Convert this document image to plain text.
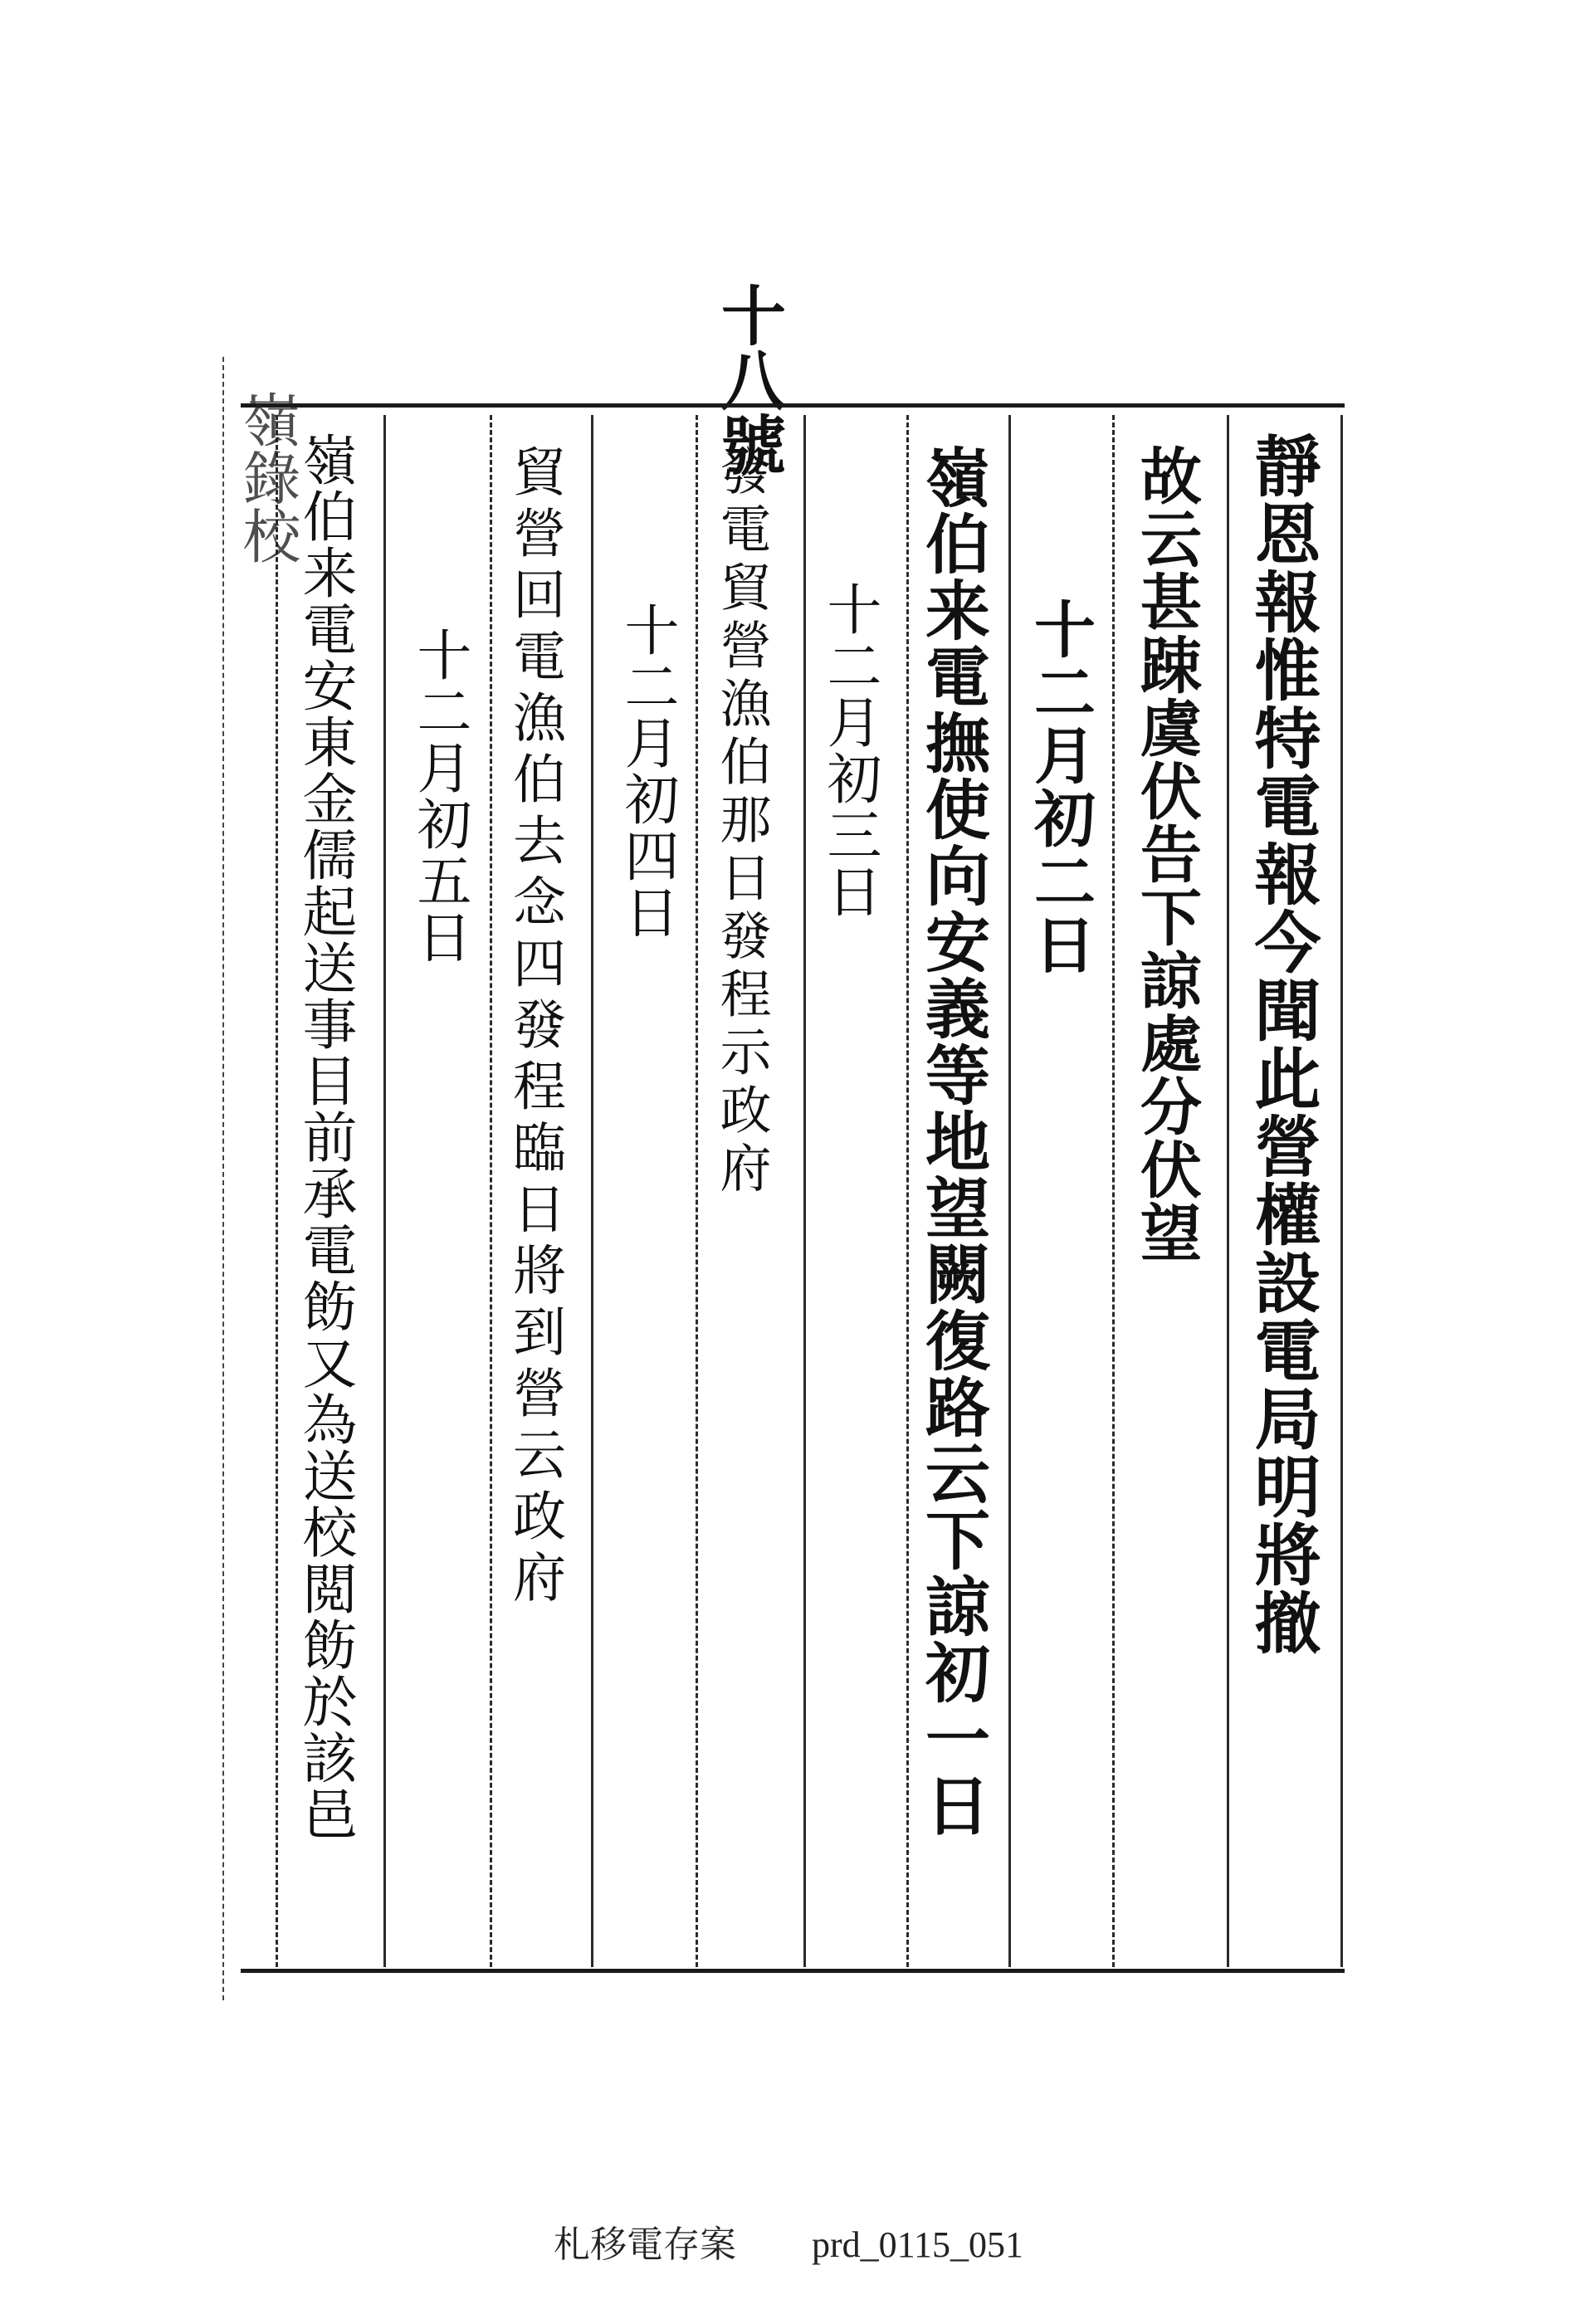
十八號
靜恩報惟特電報今聞此營權設電局明將撤
故云甚踈虞伏告下諒處分伏望
十二月初二日
嶺伯来電撫使向安義等地望闕復路云下諒初一日
十二月初三日
發電貿營漁伯那日發程示政府
十二月初四日
貿營回電漁伯去念四發程臨日將到營云政府
十二月初五日
嶺伯来電安東金儒起送事目前承電飭又為送校閲飭於該邑
嶺錄校
札移電存案 prd_0115_051
